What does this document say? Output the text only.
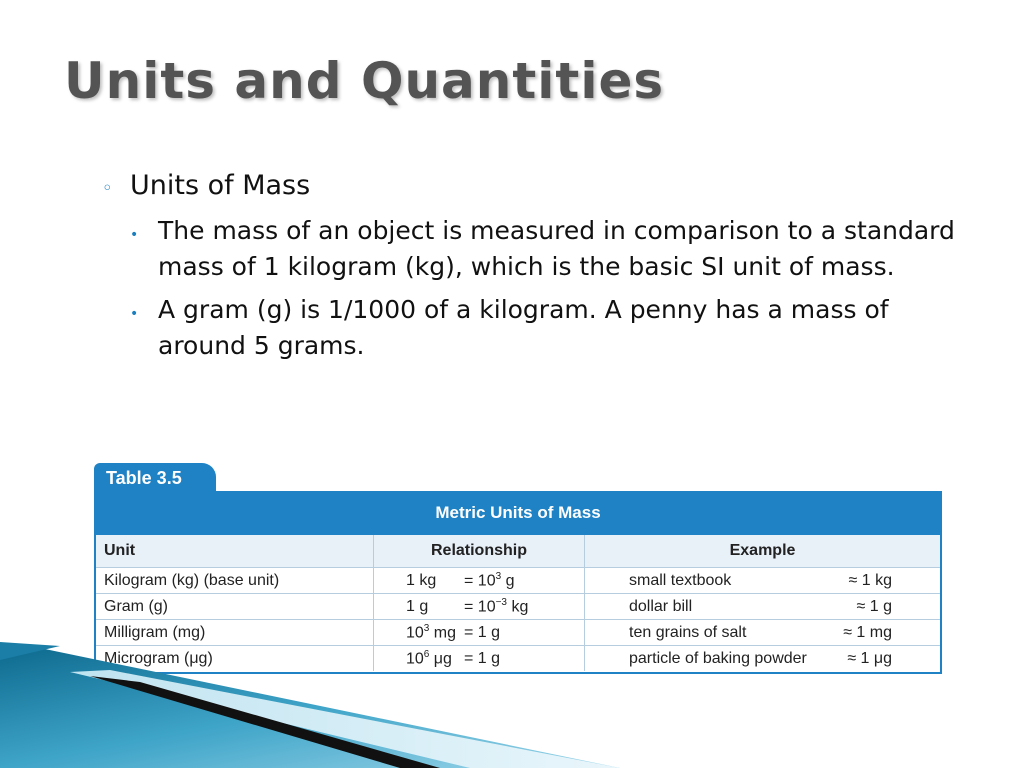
Units and Quantities
◦ Units of Mass
• The mass of an object is measured in comparison to a standard mass of 1 kilogram (kg), which is the basic SI unit of mass.
• A gram (g) is 1/1000 of a kilogram. A penny has a mass of around 5 grams.
Table 3.5
Metric Units of Mass
Unit	Relationship	Example
Kilogram (kg) (base unit)	1 kg = $10^3$ g	small textbook ≈ 1 kg

Gram (g)	1 $g = 10^{-3}$ kg	dollar bill ≈ 1 g

Milligram (mg)	$10^3$ mg = 1 g	ten grains of salt ≈ 1 mg

Microgram (μg)	$10^6$ μg = 1 g	particle of baking powder ≈ 1 μg
